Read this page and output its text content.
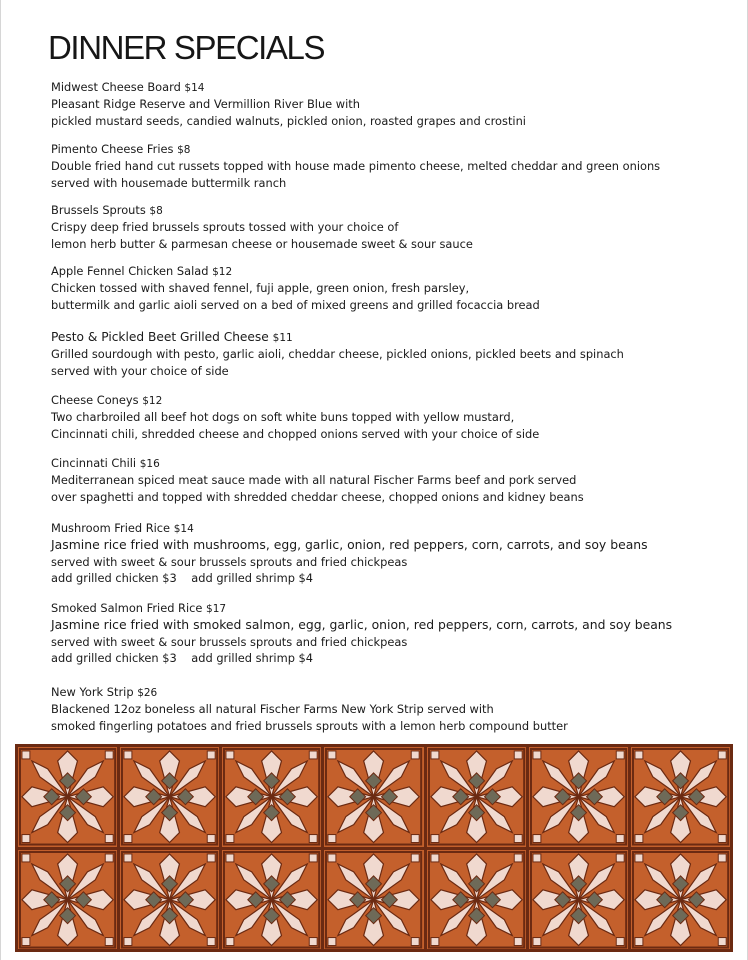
DINNER SPECIALS
Midwest Cheese Board $14
Pleasant Ridge Reserve and Vermillion River Blue with
pickled mustard seeds, candied walnuts, pickled onion, roasted grapes and crostini
Pimento Cheese Fries $8
Double fried hand cut russets topped with house made pimento cheese, melted cheddar and green onions
served with housemade buttermilk ranch
Brussels Sprouts $8
Crispy deep fried brussels sprouts tossed with your choice of
lemon herb butter & parmesan cheese or housemade sweet & sour sauce
Apple Fennel Chicken Salad $12
Chicken tossed with shaved fennel, fuji apple, green onion, fresh parsley,
buttermilk and garlic aioli served on a bed of mixed greens and grilled focaccia bread
Pesto & Pickled Beet Grilled Cheese $11
Grilled sourdough with pesto, garlic aioli, cheddar cheese, pickled onions, pickled beets and spinach
served with your choice of side
Cheese Coneys $12
Two charbroiled all beef hot dogs on soft white buns topped with yellow mustard,
Cincinnati chili, shredded cheese and chopped onions served with your choice of side
Cincinnati Chili $16
Mediterranean spiced meat sauce made with all natural Fischer Farms beef and pork served
over spaghetti and topped with shredded cheddar cheese, chopped onions and kidney beans
Mushroom Fried Rice $14
Jasmine rice fried with mushrooms, egg, garlic, onion, red peppers, corn, carrots, and soy beans
served with sweet & sour brussels sprouts and fried chickpeas
add grilled chicken $3 add grilled shrimp $4
Smoked Salmon Fried Rice $17
Jasmine rice fried with smoked salmon, egg, garlic, onion, red peppers, corn, carrots, and soy beans
served with sweet & sour brussels sprouts and fried chickpeas
add grilled chicken $3 add grilled shrimp $4
New York Strip $26
Blackened 12oz boneless all natural Fischer Farms New York Strip served with
smoked fingerling potatoes and fried brussels sprouts with a lemon herb compound butter
